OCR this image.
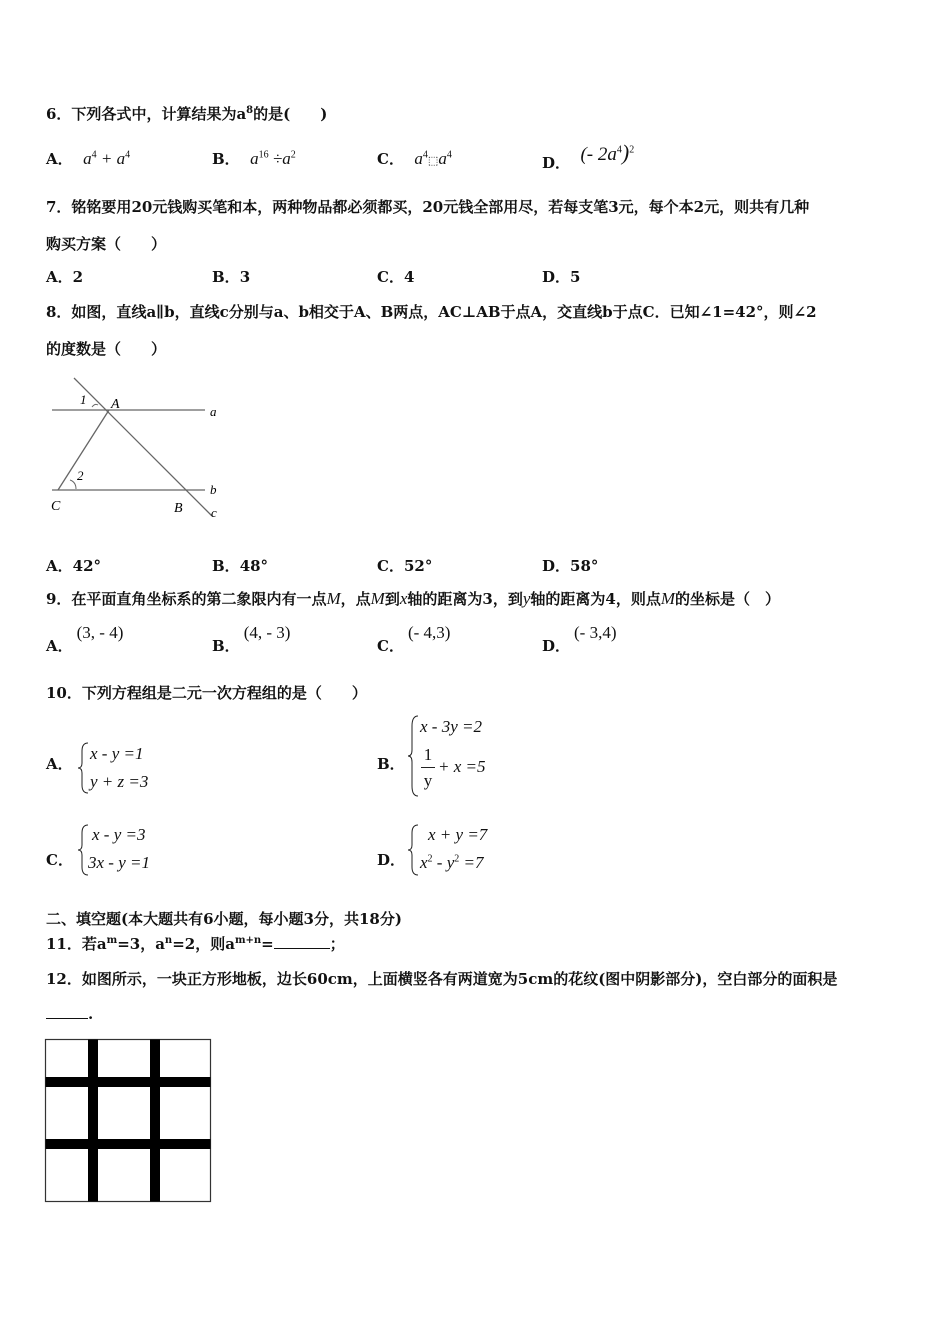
6．下列各式中，计算结果为$a^8$的是(　　)
A． $a^4 + a^4$	B． $a^{16} \div a^2$	C． $a^4⬚a^4$	D． (- $2a^4)^2$
7．铭铭要用20元钱购买笔和本，两种物品都必须都买，20元钱全部用尽，若每支笔3元，每个本2元，则共有几种
购买方案（　　）
A．2	B．3	C．4	D．5
8．如图，直线a∥b，直线c分别与a、b相交于A、B两点，AC⊥AB于点A，交直线b于点C．已知∠1=42°，则∠2
的度数是（　　）
1 A	a
2
b
c
B
C
A．42°	B．48°	C．52°	D．58°
9．在平面直角坐标系的第二象限内有一点M，点M到x轴的距离为3，到y轴的距离为4，则点M的坐标是（　）
A．(3, - 4)
B．(4, - 3)
C．(- 4,3)
D．(- 3,4)
10．下列方程组是二元一次方程组的是（　　）
A．
x - y =1
y + z =3
B．
x - 3y =2
1
y
+ x =5
C．
x - y =3
3x - y =1	D．
x + y =7
$x^2 - y^2 =7$
二、填空题(本大题共有6小题，每小题3分，共18分)
11．若$a^m=3$，$a^n=2$，则$a^{m+n}=$	；
12．如图所示，一块正方形地板，边长60cm，上面横竖各有两道宽为5cm的花纹(图中阴影部分)，空白部分的面积是
.
